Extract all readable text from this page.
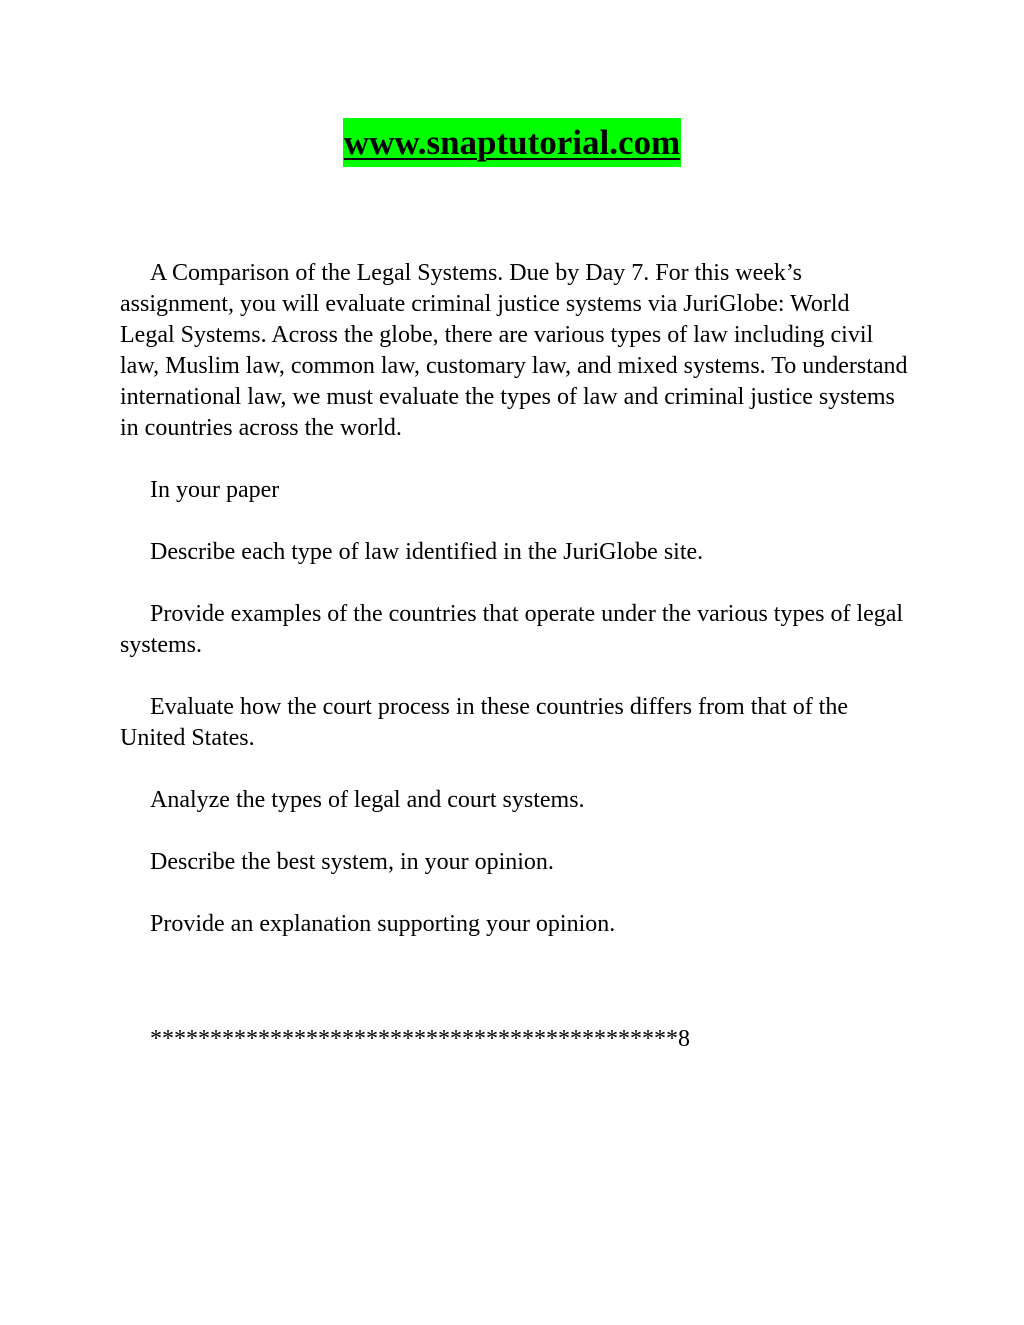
www.snaptutorial.com

A Comparison of the Legal Systems. Due by Day 7. For this week’s assignment, you will evaluate criminal justice systems via JuriGlobe: World Legal Systems. Across the globe, there are various types of law including civil law, Muslim law, common law, customary law, and mixed systems. To understand international law, we must evaluate the types of law and criminal justice systems in countries across the world.

In your paper

Describe each type of law identified in the JuriGlobe site.

Provide examples of the countries that operate under the various types of legal systems.

Evaluate how the court process in these countries differs from that of the United States.

Analyze the types of legal and court systems.

Describe the best system, in your opinion.

Provide an explanation supporting your opinion.

********************************************8
